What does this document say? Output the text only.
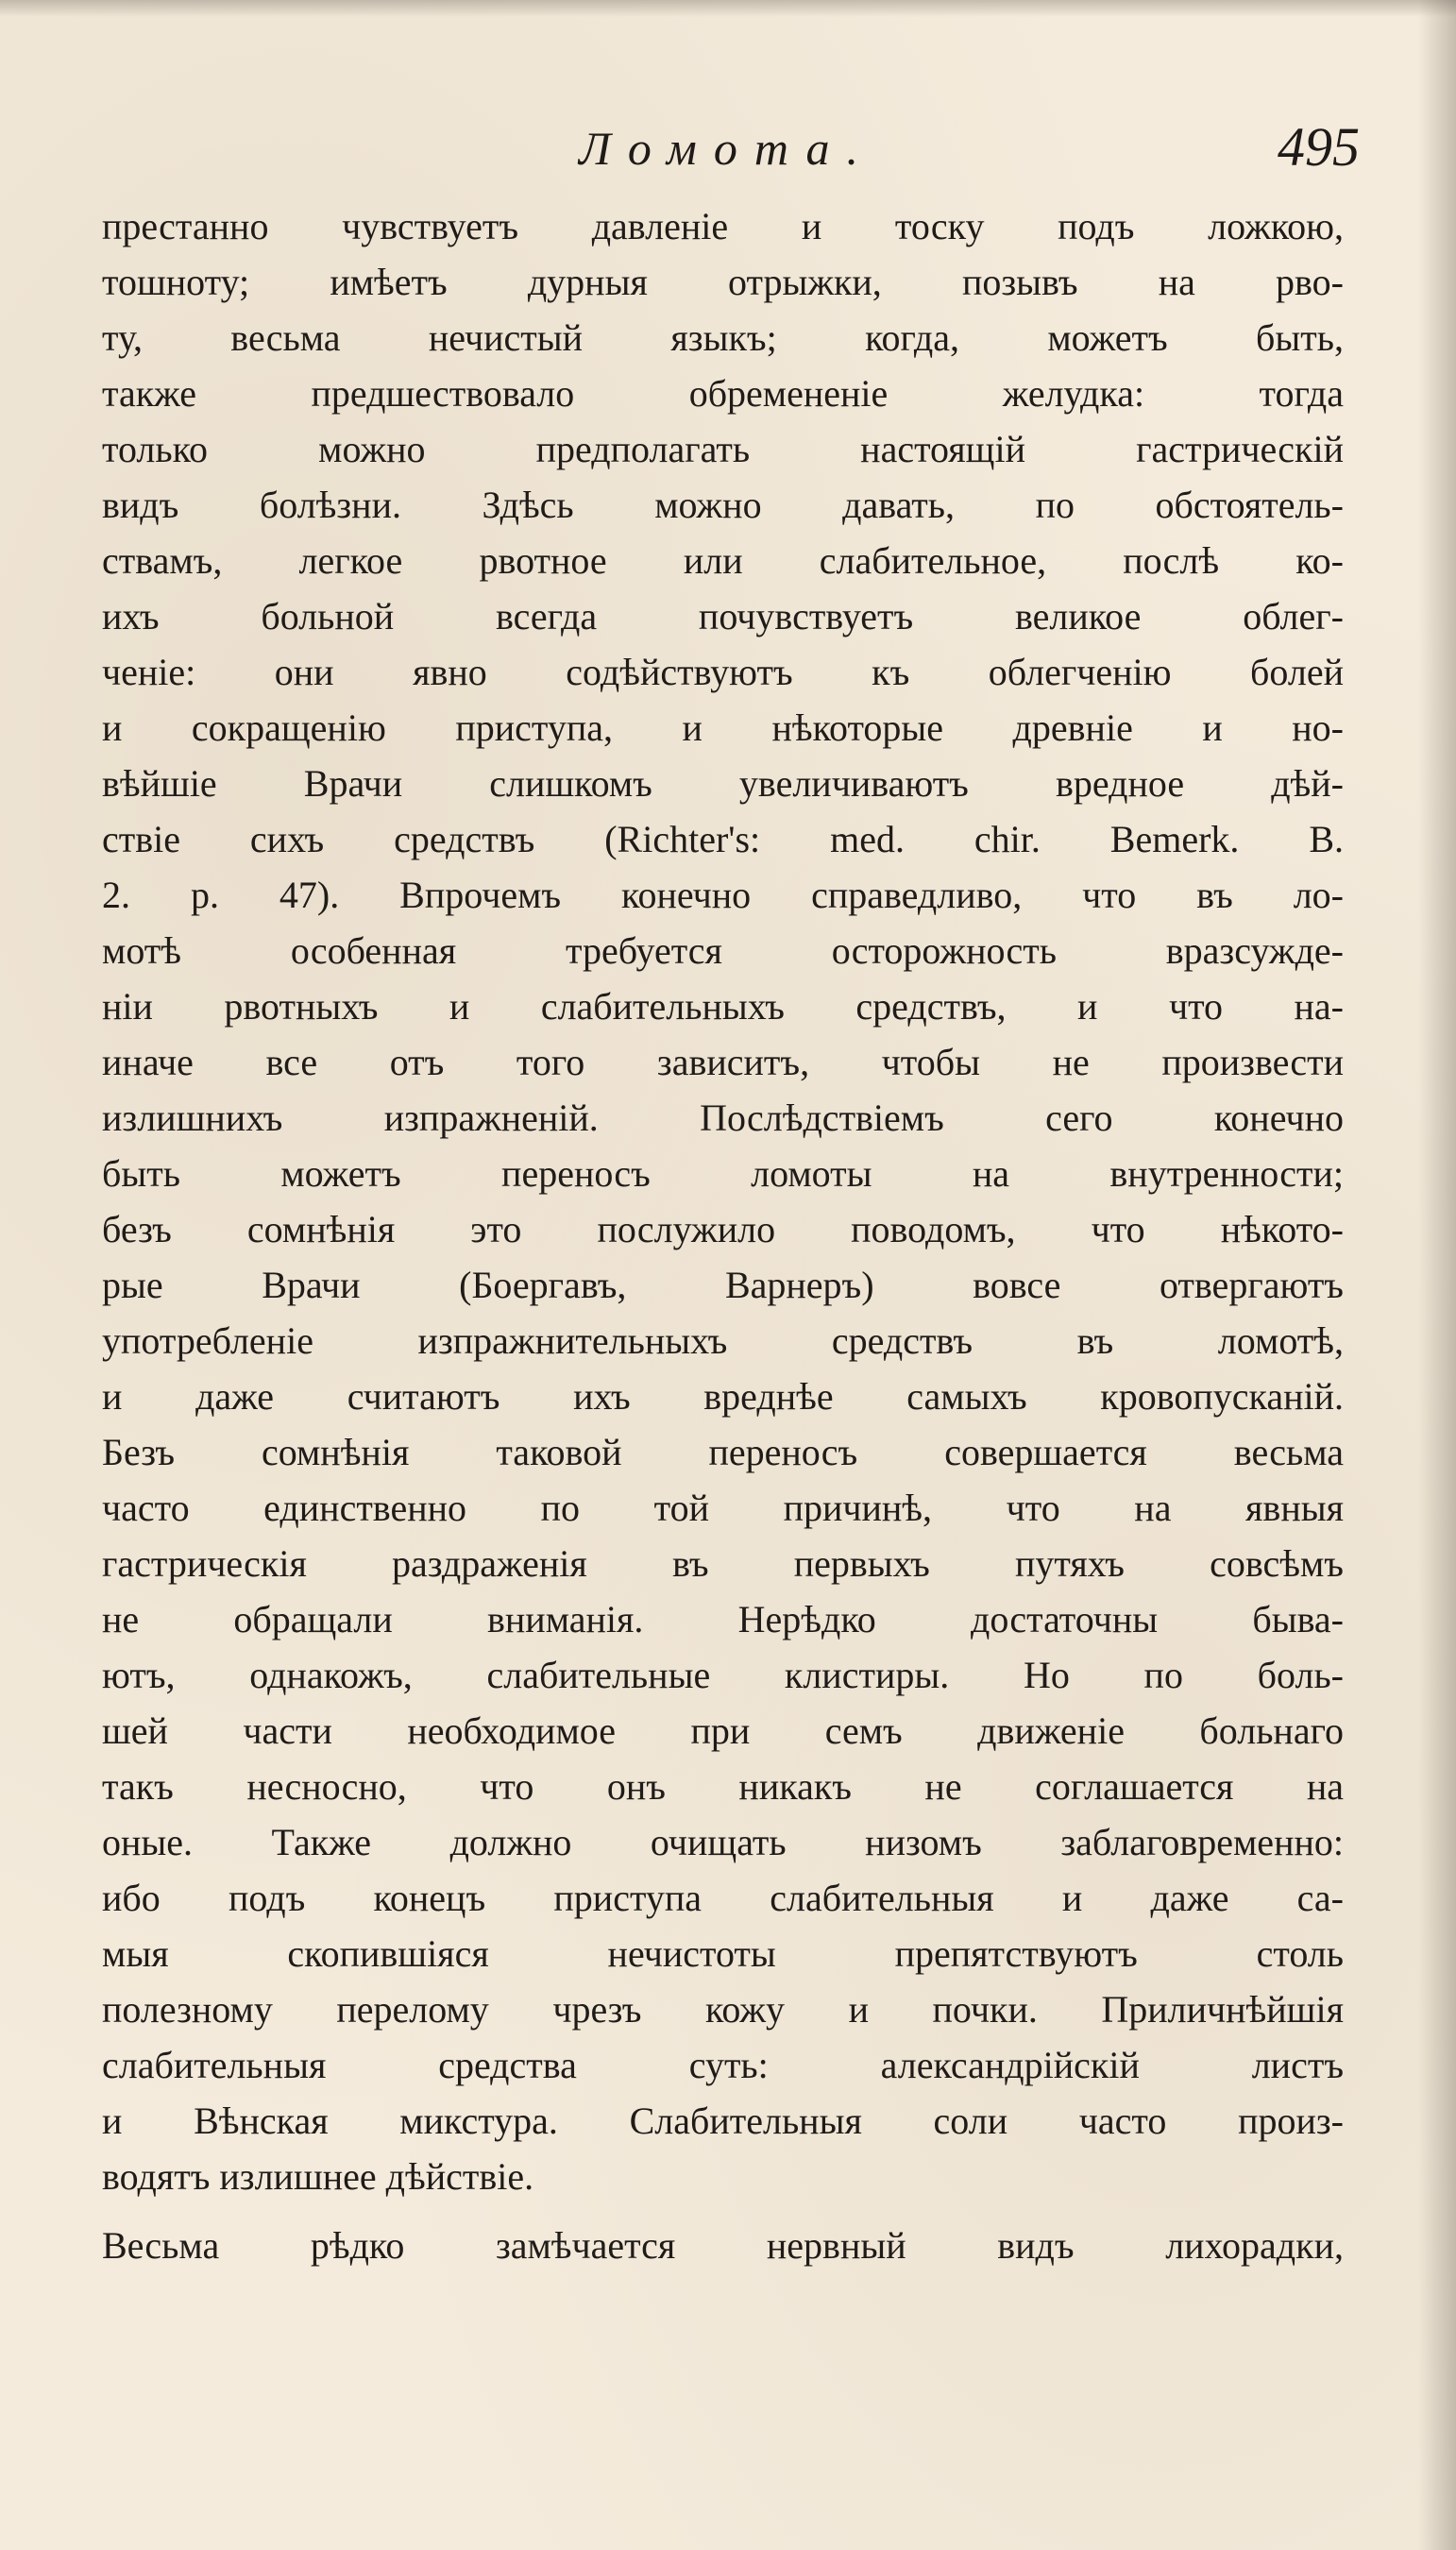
Ломота.	495
престанно чувствуетъ давленіе и тоску подъ ложкою,
тошноту; имѣетъ дурныя отрыжки, позывъ на рво-
ту, весьма нечистый языкъ; когда, можетъ быть,
также предшествовало обремененіе желудка: тогда
только можно предполагать настоящій гастрическій
видъ болѣзни. Здѣсь можно давать, по обстоятель-
ствамъ, легкое рвотное или слабительное, послѣ ко-
ихъ больной всегда почувствуетъ великое облег-
ченіе: они явно содѣйствуютъ къ облегченію болей
и сокращенію приступа, и нѣкоторые древніе и но-
вѣйшіе Врачи слишкомъ увеличиваютъ вредное дѣй-
ствіе сихъ средствъ (Richter's: med. chir. Bemerk. B.
2. p. 47). Впрочемъ конечно справедливо, что въ ло-
мотѣ особенная требуется осторожность вразсужде-
ніи рвотныхъ и слабительныхъ средствъ, и что на-
иначе все отъ того зависитъ, чтобы не произвести
излишнихъ изпражненій. Послѣдствіемъ сего конечно
быть можетъ переносъ ломоты на внутренности;
безъ сомнѣнія это послужило поводомъ, что нѣкото-
рые Врачи (Боергавъ, Варнеръ) вовсе отвергаютъ
употребленіе изпражнительныхъ средствъ въ ломотѣ,
и даже считаютъ ихъ вреднѣе самыхъ кровопусканій.
Безъ сомнѣнія таковой переносъ совершается весьма
часто единственно по той причинѣ, что на явныя
гастрическія раздраженія въ первыхъ путяхъ совсѣмъ
не обращали вниманія. Нерѣдко достаточны быва-
ютъ, однакожъ, слабительные клистиры. Но по боль-
шей части необходимое при семъ движеніе больнаго
такъ несносно, что онъ никакъ не соглашается на
оные. Также должно очищать низомъ заблаговременно:
ибо подъ конецъ приступа слабительныя и даже са-
мыя скопившіяся нечистоты препятствуютъ столь
полезному перелому чрезъ кожу и почки. Приличнѣйшія
слабительныя средства суть: александрійскій листъ
и Вѣнская микстура. Слабительныя соли часто произ-
водятъ излишнее дѣйствіе.
Весьма рѣдко замѣчается нервный видъ лихорадки,
